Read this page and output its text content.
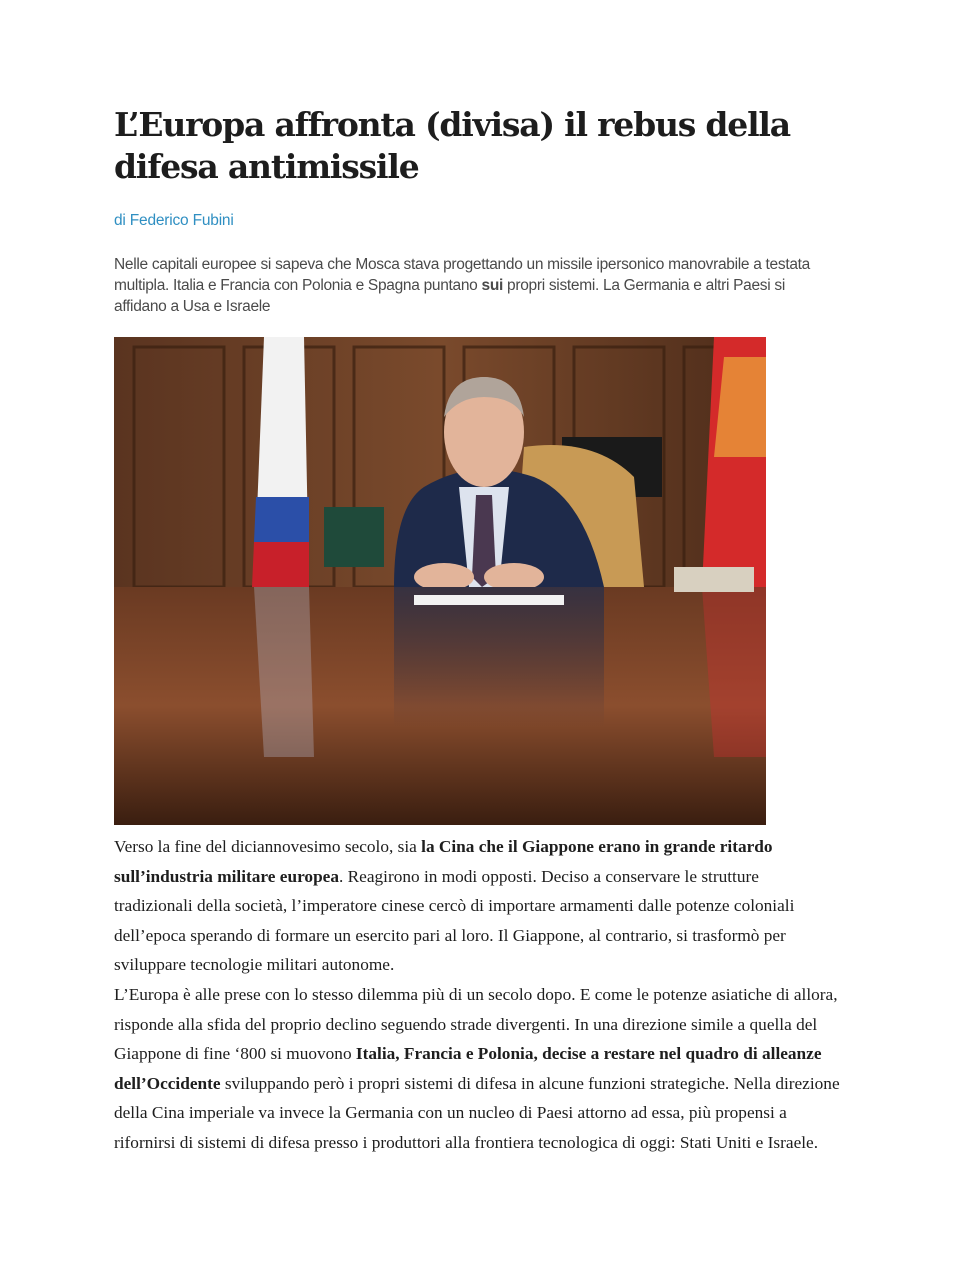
L’Europa affronta (divisa) il rebus della difesa antimissile
di Federico Fubini

Nelle capitali europee si sapeva che Mosca stava progettando un missile ipersonico manovrabile a testata multipla. Italia e Francia con Polonia e Spagna puntano sui propri sistemi. La Germania e altri Paesi si affidano a Usa e Israele

Verso la fine del diciannovesimo secolo, sia la Cina che il Giappone erano in grande ritardo sull’industria militare europea. Reagirono in modi opposti. Deciso a conservare le strutture tradizionali della società, l’imperatore cinese cercò di importare armamenti dalle potenze coloniali dell’epoca sperando di formare un esercito pari al loro. Il Giappone, al contrario, si trasformò per sviluppare tecnologie militari autonome.

L’Europa è alle prese con lo stesso dilemma più di un secolo dopo. E come le potenze asiatiche di allora, risponde alla sfida del proprio declino seguendo strade divergenti. In una direzione simile a quella del Giappone di fine ‘800 si muovono Italia, Francia e Polonia, decise a restare nel quadro di alleanze dell’Occidente sviluppando però i propri sistemi di difesa in alcune funzioni strategiche. Nella direzione della Cina imperiale va invece la Germania con un nucleo di Paesi attorno ad essa, più propensi a rifornirsi di sistemi di difesa presso i produttori alla frontiera tecnologica di oggi: Stati Uniti e Israele.
